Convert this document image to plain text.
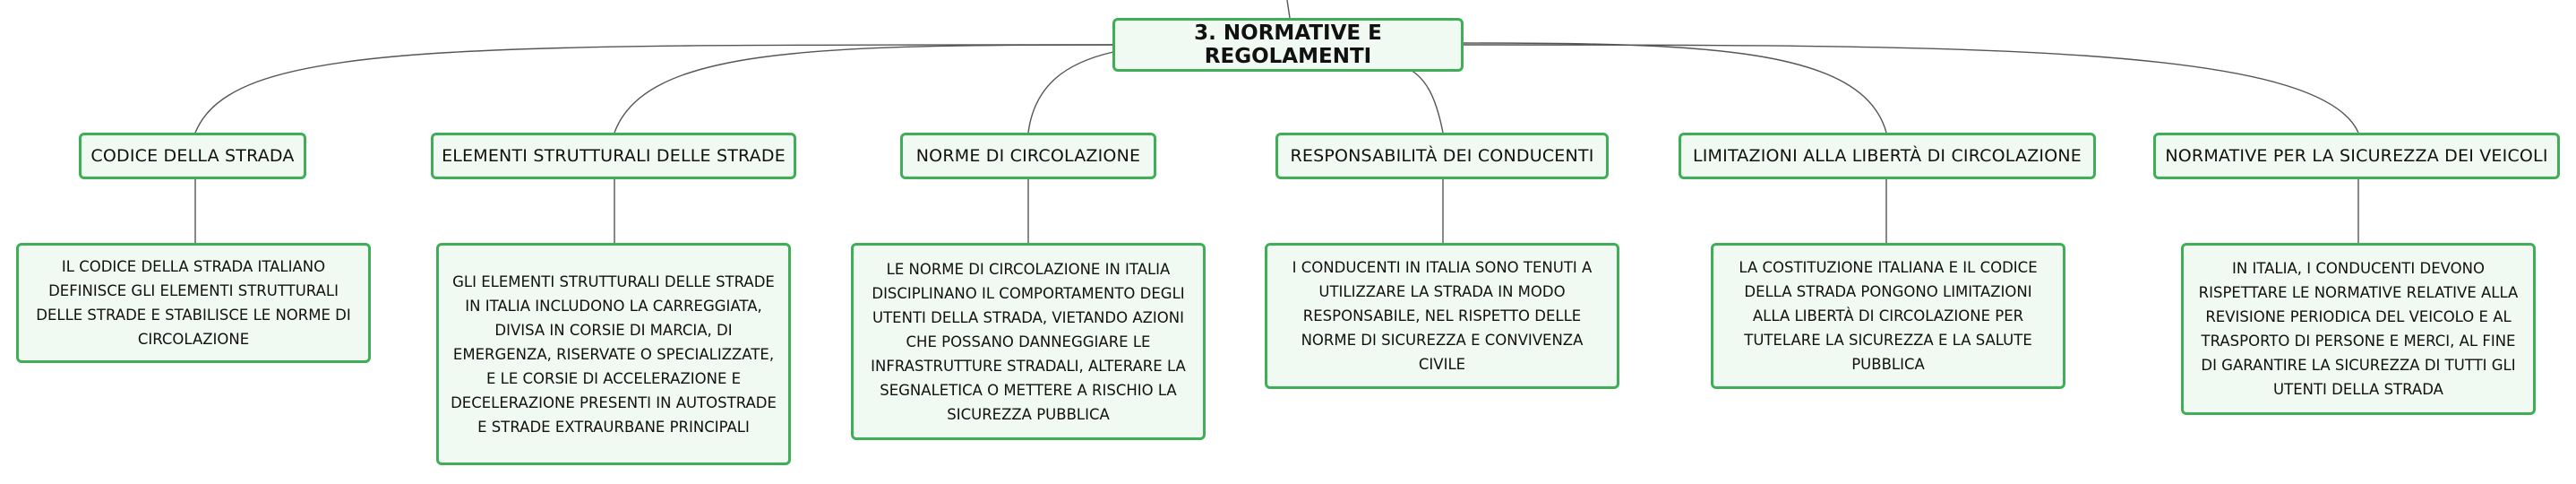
3. NORMATIVE E REGOLAMENTI
CODICE DELLA STRADA	ELEMENTI STRUTTURALI DELLE STRADE	NORME DI CIRCOLAZIONE	RESPONSABILITÀ DEI CONDUCENTI	LIMITAZIONI ALLA LIBERTÀ DI CIRCOLAZIONE	NORMATIVE PER LA SICUREZZA DEI VEICOLI
IL CODICE DELLA STRADA ITALIANO DEFINISCE GLI ELEMENTI STRUTTURALI DELLE STRADE E STABILISCE LE NORME DI CIRCOLAZIONE
GLI ELEMENTI STRUTTURALI DELLE STRADE IN ITALIA INCLUDONO LA CARREGGIATA, DIVISA IN CORSIE DI MARCIA, DI EMERGENZA, RISERVATE O SPECIALIZZATE, E LE CORSIE DI ACCELERAZIONE E DECELERAZIONE PRESENTI IN AUTOSTRADE E STRADE EXTRAURBANE PRINCIPALI
LE NORME DI CIRCOLAZIONE IN ITALIA DISCIPLINANO IL COMPORTAMENTO DEGLI UTENTI DELLA STRADA, VIETANDO AZIONI CHE POSSANO DANNEGGIARE LE INFRASTRUTTURE STRADALI, ALTERARE LA SEGNALETICA O METTERE A RISCHIO LA SICUREZZA PUBBLICA
I CONDUCENTI IN ITALIA SONO TENUTI A UTILIZZARE LA STRADA IN MODO RESPONSABILE, NEL RISPETTO DELLE NORME DI SICUREZZA E CONVIVENZA CIVILE
LA COSTITUZIONE ITALIANA E IL CODICE DELLA STRADA PONGONO LIMITAZIONI ALLA LIBERTÀ DI CIRCOLAZIONE PER TUTELARE LA SICUREZZA E LA SALUTE PUBBLICA
IN ITALIA, I CONDUCENTI DEVONO RISPETTARE LE NORMATIVE RELATIVE ALLA REVISIONE PERIODICA DEL VEICOLO E AL TRASPORTO DI PERSONE E MERCI, AL FINE DI GARANTIRE LA SICUREZZA DI TUTTI GLI UTENTI DELLA STRADA
